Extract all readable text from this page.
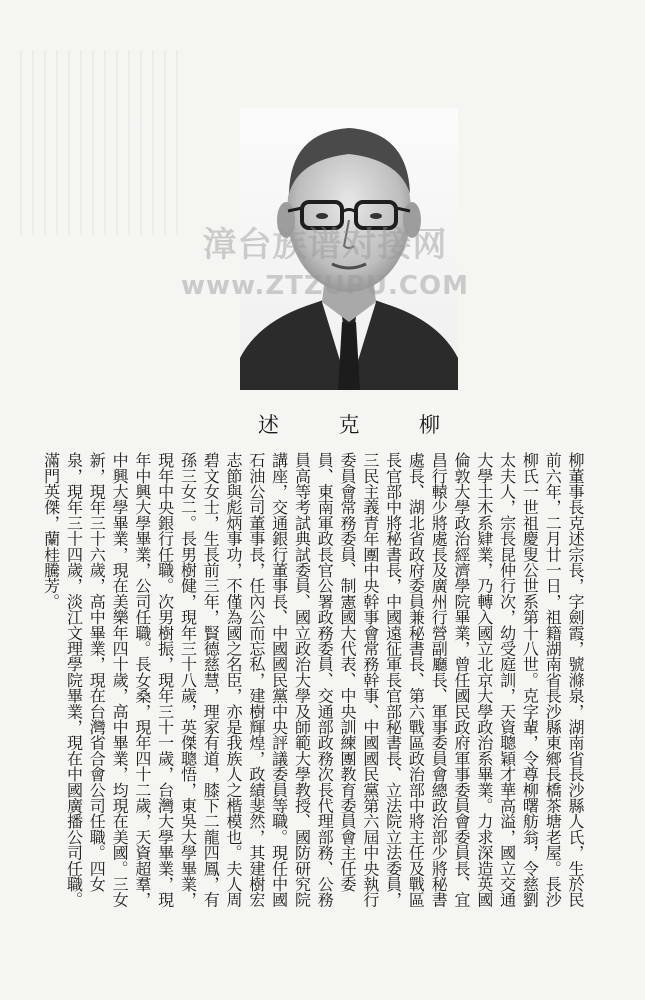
述	克	柳
漳台族谱对接网
www.ZTZUPU.COM
柳董事長克述宗長，字劍霞，號滌泉，湖南省長沙縣人氏，生於民前六年，二月廿一日，祖籍湖南省長沙縣東鄉長橋茶塘老屋。長沙柳氏一世祖慶叟公世系第十八世。克字輩，令尊柳曙舫翁，令慈劉太夫人，宗長昆仲行次，幼受庭訓，天資聰穎才華高溢，國立交通大學土木系肄業，乃轉入國立北京大學政治系畢業。力求深造英國倫敦大學政治經濟學院畢業，曾任國民政府軍事委員會委員長、宜昌行轅少將處長及廣州行營副廳長、軍事委員會總政治部少將秘書處長、湖北省政府委員兼秘書長、第六戰區政治部中將主任及戰區長官部中將秘書長，中國遠征軍長官部秘書長、立法院立法委員，三民主義青年團中央幹事會常務幹事、中國國民黨第六屆中央執行委員會常務委員、制憲國大代表、中央訓練團教育委員會主任委員、東南軍政長官公署政務委員、交通部政務次長代理部務、公務員高等考試典試委員、國立政治大學及師範大學教授、國防研究院講座，交通銀行董事長、中國國民黨中央評議委員等職。現任中國石油公司董事長，任內公而忘私，建樹輝煌，政績斐然，其建樹宏志節與彪炳事功，不僅為國之名臣，亦是我族人之楷模也。夫人周碧文女士，生長前三年，賢德慈慧，理家有道，膝下二龍四鳳，有孫三女二。長男樹健，現年三十八歲，英傑聰悟，東吳大學畢業，現年中央銀行任職。次男樹振，現年三十一歲，台灣大學畢業，現年中興大學畢業，公司任職。長女桑，現年四十二歲，天資超羣，中興大學畢業，現在美樂年四十歲，高中畢業，均現在美國。三女新，現年三十六歲，高中畢業，現在台灣省合會公司任職。四女泉，現年三十四歲，淡江文理學院畢業，現在中國廣播公司任職。滿門英傑，蘭桂騰芳。
